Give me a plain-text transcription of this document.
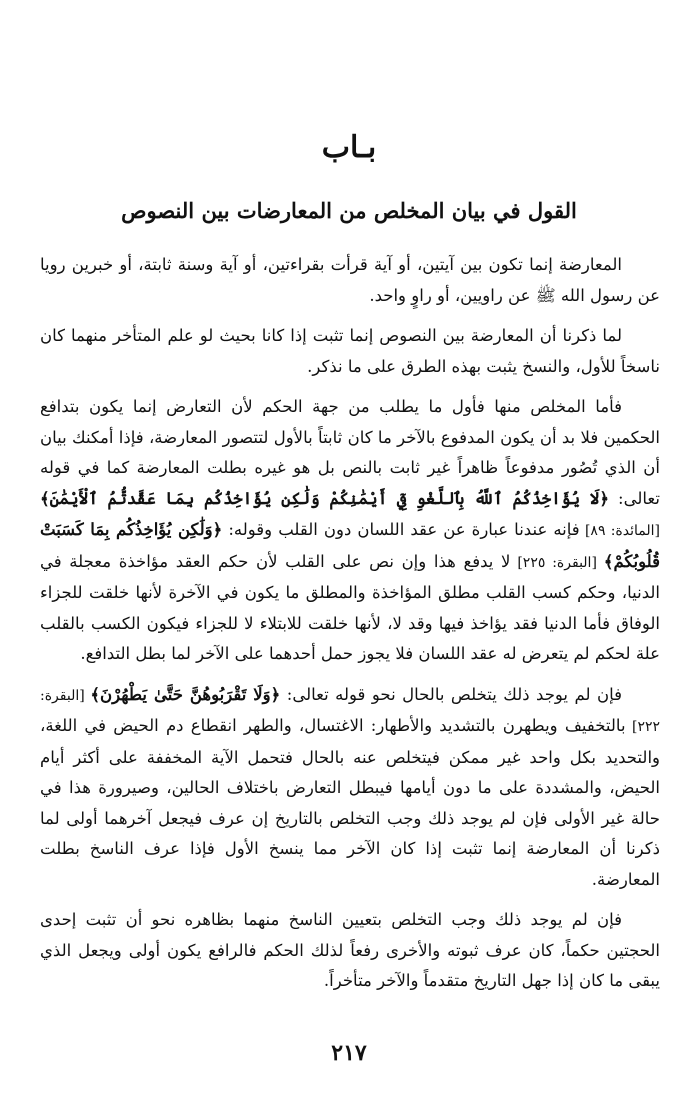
بـاب
القول في بيان المخلص من المعارضات بين النصوص

المعارضة إنما تكون بين آيتين، أو آية قرأت بقراءتين، أو آية وسنة ثابتة، أو خبرين رويا عن رسول الله ﷺ عن راويين، أو راوٍ واحد.

لما ذكرنا أن المعارضة بين النصوص إنما تثبت إذا كانا بحيث لو علم المتأخر منهما كان ناسخاً للأول، والنسخ يثبت بهذه الطرق على ما نذكر.

فأما المخلص منها فأول ما يطلب من جهة الحكم لأن التعارض إنما يكون بتدافع الحكمين فلا بد أن يكون المدفوع بالآخر ما كان ثابتاً بالأول لتتصور المعارضة، فإذا أمكنك بيان أن الذي تُصُور مدفوعاً ظاهراً غير ثابت بالنص بل هو غيره بطلت المعارضة كما في قوله تعالى: ﴿لَا يُؤَاخِذُكُمُ ٱللَّهُ بِٱللَّغْوِ فِيٓ أَيْمَٰنِكُمْ وَلَٰكِن يُؤَاخِذُكُم بِمَا عَقَّدتُّمُ ٱلْأَيْمَٰنَ﴾ [المائدة: ٨٩] فإنه عندنا عبارة عن عقد اللسان دون القلب وقوله: ﴿وَلَٰكِن يُؤَاخِذُكُم بِمَا كَسَبَتْ قُلُوبُكُمْ﴾ [البقرة: ٢٢٥] لا يدفع هذا وإن نص على القلب لأن حكم العقد مؤاخذة معجلة في الدنيا، وحكم كسب القلب مطلق المؤاخذة والمطلق ما يكون في الآخرة لأنها خلقت للجزاء الوفاق فأما الدنيا فقد يؤاخذ فيها وقد لا، لأنها خلقت للابتلاء لا للجزاء فيكون الكسب بالقلب علة لحكم لم يتعرض له عقد اللسان فلا يجوز حمل أحدهما على الآخر لما بطل التدافع.

فإن لم يوجد ذلك يتخلص بالحال نحو قوله تعالى: ﴿وَلَا تَقْرَبُوهُنَّ حَتَّىٰ يَطْهُرْنَ﴾ [البقرة: ٢٢٢] بالتخفيف ويطهرن بالتشديد والأطهار: الاغتسال، والطهر انقطاع دم الحيض في اللغة، والتحديد بكل واحد غير ممكن فيتخلص عنه بالحال فتحمل الآية المخففة على أكثر أيام الحيض، والمشددة على ما دون أيامها فيبطل التعارض باختلاف الحالين، وصيرورة هذا في حالة غير الأولى فإن لم يوجد ذلك وجب التخلص بالتاريخ إن عرف فيجعل آخرهما أولى لما ذكرنا أن المعارضة إنما تثبت إذا كان الآخر مما ينسخ الأول فإذا عرف الناسخ بطلت المعارضة.

فإن لم يوجد ذلك وجب التخلص بتعيين الناسخ منهما بظاهره نحو أن تثبت إحدى الحجتين حكماً، كان عرف ثبوته والأخرى رفعاً لذلك الحكم فالرافع يكون أولى ويجعل الذي يبقى ما كان إذا جهل التاريخ متقدماً والآخر متأخراً.

٢١٧
